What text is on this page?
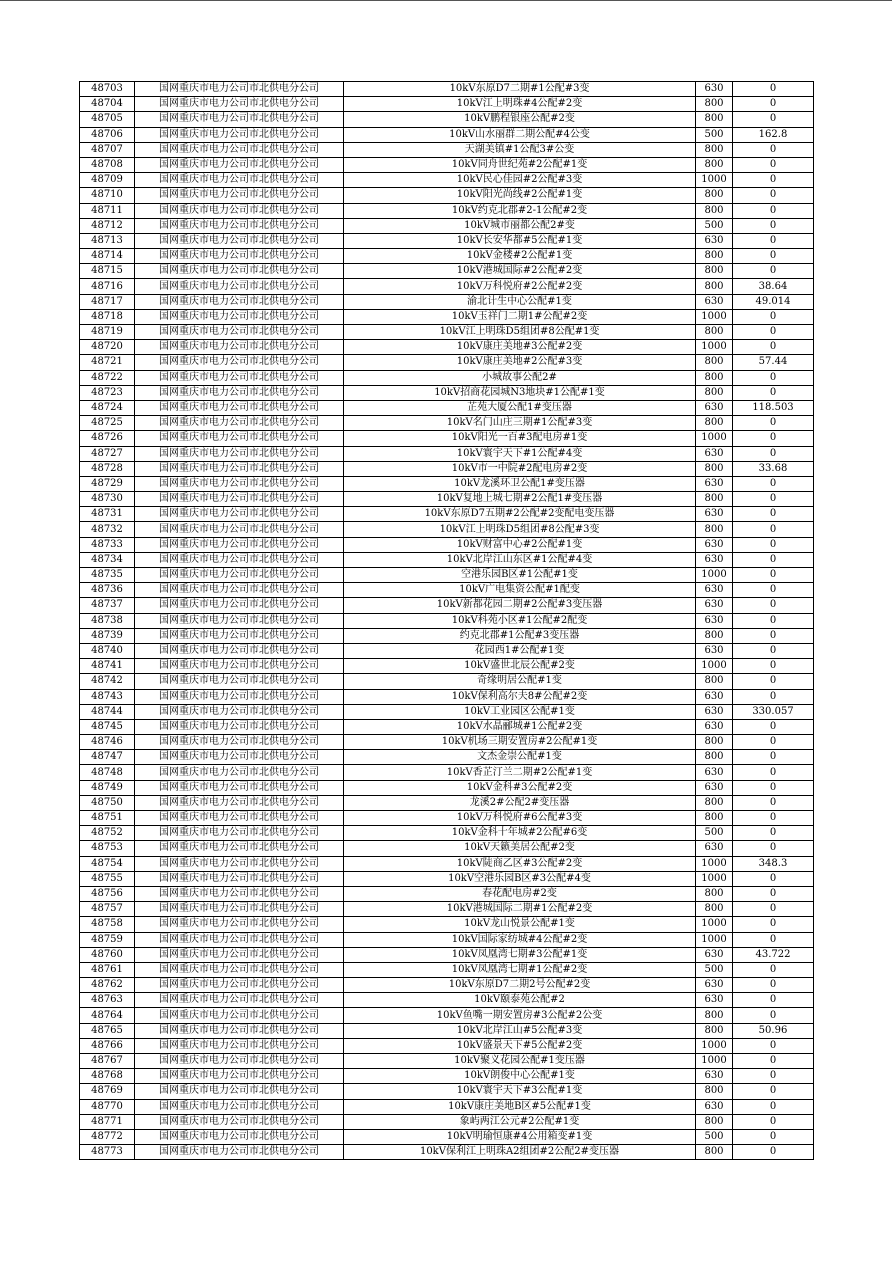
48703	国网重庆市电力公司市北供电分公司	10kV东原D7二期#1公配#3变	630	0
48704	国网重庆市电力公司市北供电分公司	10kV江上明珠#4公配#2变	800	0
48705	国网重庆市电力公司市北供电分公司	10kV鹏程银座公配#2变	800	0
48706	国网重庆市电力公司市北供电分公司	10kV山水丽群二期公配#4公变	500	162.8
48707	国网重庆市电力公司市北供电分公司	天湖美镇#1公配3#公变	800	0
48708	国网重庆市电力公司市北供电分公司	10kV同舟世纪苑#2公配#1变	800	0
48709	国网重庆市电力公司市北供电分公司	10kV民心佳园#2公配#3变	1000	0
48710	国网重庆市电力公司市北供电分公司	10kV阳光尚线#2公配#1变	800	0
48711	国网重庆市电力公司市北供电分公司	10kV约克北郡#2-1公配#2变	800	0
48712	国网重庆市电力公司市北供电分公司	10kV城市丽都公配2#变	500	0
48713	国网重庆市电力公司市北供电分公司	10kV长安华都#5公配#1变	630	0
48714	国网重庆市电力公司市北供电分公司	10kV金楼#2公配#1变	800	0
48715	国网重庆市电力公司市北供电分公司	10kV港城国际#2公配#2变	800	0
48716	国网重庆市电力公司市北供电分公司	10kV万科悦府#2公配#2变	800	38.64
48717	国网重庆市电力公司市北供电分公司	渝北计生中心公配#1变	630	49.014
48718	国网重庆市电力公司市北供电分公司	10kV玉祥门二期1#公配#2变	1000	0
48719	国网重庆市电力公司市北供电分公司	10kV江上明珠D5组团#8公配#1变	800	0
48720	国网重庆市电力公司市北供电分公司	10kV康庄美地#3公配#2变	1000	0
48721	国网重庆市电力公司市北供电分公司	10kV康庄美地#2公配#3变	800	57.44
48722	国网重庆市电力公司市北供电分公司	小城故事公配2#	800	0
48723	国网重庆市电力公司市北供电分公司	10kV招商花园城N3地块#1公配#1变	800	0
48724	国网重庆市电力公司市北供电分公司	芷苑大厦公配1#变压器	630	118.503
48725	国网重庆市电力公司市北供电分公司	10kV名门山庄三期#1公配#3变	800	0
48726	国网重庆市电力公司市北供电分公司	10kV阳光一百#3配电房#1变	1000	0
48727	国网重庆市电力公司市北供电分公司	10kV寰宇天下#1公配#4变	630	0
48728	国网重庆市电力公司市北供电分公司	10kV市一中院#2配电房#2变	800	33.68
48729	国网重庆市电力公司市北供电分公司	10kV龙溪环卫公配1#变压器	630	0
48730	国网重庆市电力公司市北供电分公司	10kV复地上城七期#2公配1#变压器	800	0
48731	国网重庆市电力公司市北供电分公司	10kV东原D7五期#2公配#2变配电变压器	630	0
48732	国网重庆市电力公司市北供电分公司	10kV江上明珠D5组团#8公配#3变	800	0
48733	国网重庆市电力公司市北供电分公司	10kV财富中心#2公配#1变	630	0
48734	国网重庆市电力公司市北供电分公司	10kV北岸江山东区#1公配#4变	630	0
48735	国网重庆市电力公司市北供电分公司	空港乐园B区#1公配#1变	1000	0
48736	国网重庆市电力公司市北供电分公司	10kV广电集资公配#1配变	630	0
48737	国网重庆市电力公司市北供电分公司	10kV新都花园二期#2公配#3变压器	630	0
48738	国网重庆市电力公司市北供电分公司	10kV科苑小区#1公配#2配变	630	0
48739	国网重庆市电力公司市北供电分公司	约克北郡#1公配#3变压器	800	0
48740	国网重庆市电力公司市北供电分公司	花园西1#公配#1变	630	0
48741	国网重庆市电力公司市北供电分公司	10kV盛世北辰公配#2变	1000	0
48742	国网重庆市电力公司市北供电分公司	奇缘明居公配#1变	800	0
48743	国网重庆市电力公司市北供电分公司	10kV保利高尔夫8#公配#2变	630	0
48744	国网重庆市电力公司市北供电分公司	10kV工业园区公配#1变	630	330.057
48745	国网重庆市电力公司市北供电分公司	10kV水晶郦城#1公配#2变	630	0
48746	国网重庆市电力公司市北供电分公司	10kV机场三期安置房#2公配#1变	800	0
48747	国网重庆市电力公司市北供电分公司	文杰金崇公配#1变	800	0
48748	国网重庆市电力公司市北供电分公司	10kV香芷汀兰二期#2公配#1变	630	0
48749	国网重庆市电力公司市北供电分公司	10kV金科#3公配#2变	630	0
48750	国网重庆市电力公司市北供电分公司	龙溪2#公配2#变压器	800	0
48751	国网重庆市电力公司市北供电分公司	10kV万科悦府#6公配#3变	800	0
48752	国网重庆市电力公司市北供电分公司	10kV金科十年城#2公配#6变	500	0
48753	国网重庆市电力公司市北供电分公司	10kV天籁美居公配#2变	630	0
48754	国网重庆市电力公司市北供电分公司	10kV陡商乙区#3公配#2变	1000	348.3
48755	国网重庆市电力公司市北供电分公司	10kV空港乐园B区#3公配#4变	1000	0
48756	国网重庆市电力公司市北供电分公司	春花配电房#2变	800	0
48757	国网重庆市电力公司市北供电分公司	10kV港城国际二期#1公配#2变	800	0
48758	国网重庆市电力公司市北供电分公司	10kV龙山悦景公配#1变	1000	0
48759	国网重庆市电力公司市北供电分公司	10kV国际家纺城#4公配#2变	1000	0
48760	国网重庆市电力公司市北供电分公司	10kV凤凰湾七期#3公配#1变	630	43.722
48761	国网重庆市电力公司市北供电分公司	10kV凤凰湾七期#1公配#2变	500	0
48762	国网重庆市电力公司市北供电分公司	10kV东原D7二期2号公配#2变	630	0
48763	国网重庆市电力公司市北供电分公司	10kV颐泰苑公配#2	630	0
48764	国网重庆市电力公司市北供电分公司	10kV鱼嘴一期安置房#3公配#2公变	800	0
48765	国网重庆市电力公司市北供电分公司	10kV北岸江山#5公配#3变	800	50.96
48766	国网重庆市电力公司市北供电分公司	10kV盛景天下#5公配#2变	1000	0
48767	国网重庆市电力公司市北供电分公司	10kV聚义花园公配#1变压器	1000	0
48768	国网重庆市电力公司市北供电分公司	10kV朗俊中心公配#1变	630	0
48769	国网重庆市电力公司市北供电分公司	10kV寰宇天下#3公配#1变	800	0
48770	国网重庆市电力公司市北供电分公司	10kV康庄美地B区#5公配#1变	630	0
48771	国网重庆市电力公司市北供电分公司	象屿两江公元#2公配#1变	800	0
48772	国网重庆市电力公司市北供电分公司	10kV明瑜恒康#4公用箱变#1变	500	0
48773	国网重庆市电力公司市北供电分公司	10kV保利江上明珠A2组团#2公配2#变压器	800	0
